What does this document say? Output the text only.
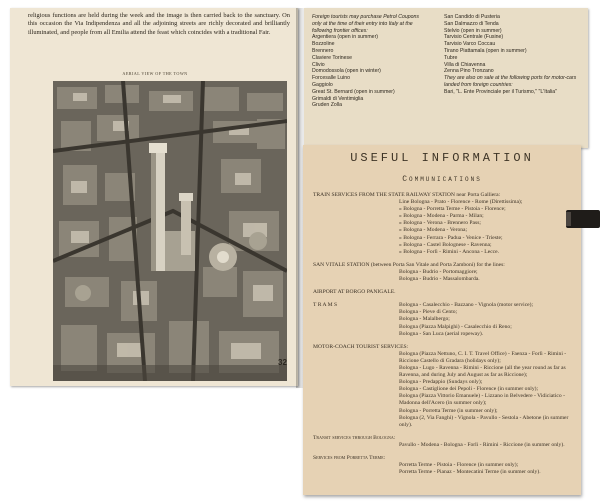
religious functions are held during the week and the image is then carried back to the sanctuary. On this occasion the Via Indipendenza and all the adjoining streets are richly decorated and brilliantly illuminated, and people from all Emilia attend the feast which coincides with a traditional Fair.
AERIAL VIEW OF THE TOWN
32
Foreign tourists may purchase Petrol Coupons only at the time of their entry into Italy at the following frontier offices:
Argentiera (open in summer)
Bozzoline
Brennero
Claviere Torinese
Clivio
Domodossola (open in winter)
Forcesalle Luino
Gaggiolo
Great St. Bernard (open in summer)
Grimaldi di Ventimiglia
Gruden Zolla
San Candido di Pusteria
San Dalmazzo di Tenda
Stelvio (open in summer)
Tarvisio Centrale (Fusine)
Tarvisio Varco Coccau
Tirano Piattamala (open in summer)
Tubre
Villa di Chiavenna
Zenna Pino Tronzano
They are also on sale at the following ports for motor-cars landed from foreign countries:
Bari, "L. Ente Provinciale per il Turismo," "L'Italia"
USEFUL INFORMATION
Communications
TRAIN SERVICES FROM THE STATE RAILWAY STATION near Porta Galliera:
Line Bologna - Prato - Florence - Rome (Direttissima);
» Bologna - Porretta Terme - Pistoia - Florence;
» Bologna - Modena - Parma - Milan;
» Bologna - Verona - Brennero Pass;
» Bologna - Modena - Verona;
» Bologna - Ferrara - Padua - Venice - Trieste;
» Bologna - Castel Bolognese - Ravenna;
» Bologna - Forlì - Rimini - Ancona - Lecce.
SAN VITALE STATION (between Porta San Vitale and Porta Zamboni) for the lines:
Bologna - Budrio - Portomaggiore;
Bologna - Budrio - Massalombarda.
AIRPORT AT BORGO PANIGALE.
T R A M S	Bologna - Casalecchio - Bazzano - Vignola (motor service);
Bologna - Pieve di Cento;
Bologna - Malalbergo;
Bologna (Piazza Malpighi) - Casalecchio di Reno;
Bologna - San Luca (aerial ropeway).
MOTOR-COACH TOURIST SERVICES:
Bologna (Piazza Nettuno, C. I. T. Travel Office) - Faenza - Forlì - Rimini - Riccione Castello di Gradara (holidays only);
Bologna - Lugo - Ravenna - Rimini - Riccione (all the year round as far as Ravenna, and during July and August as far as Riccione);
Bologna - Predappio (Sundays only);
Bologna - Castiglione dei Pepoli - Florence (in summer only);
Bologna (Piazza Vittorio Emanuele) - Lizzano in Belvedere - Vidiciatico - Madonna dell'Acero (in summer only);
Bologna - Porretta Terme (in summer only);
Bologna (2, Via Fanghi) - Vignola - Pavullo - Sestola - Abetone (in summer only).
Transit services through Bologna:
Pavullo - Modena - Bologna - Forlì - Rimini - Riccione (in summer only).
Services from Porretta Terme:
Porretta Terme - Pistoia - Florence (in summer only);
Porretta Terme - Pianaz - Montecatini Terme (in summer only).
